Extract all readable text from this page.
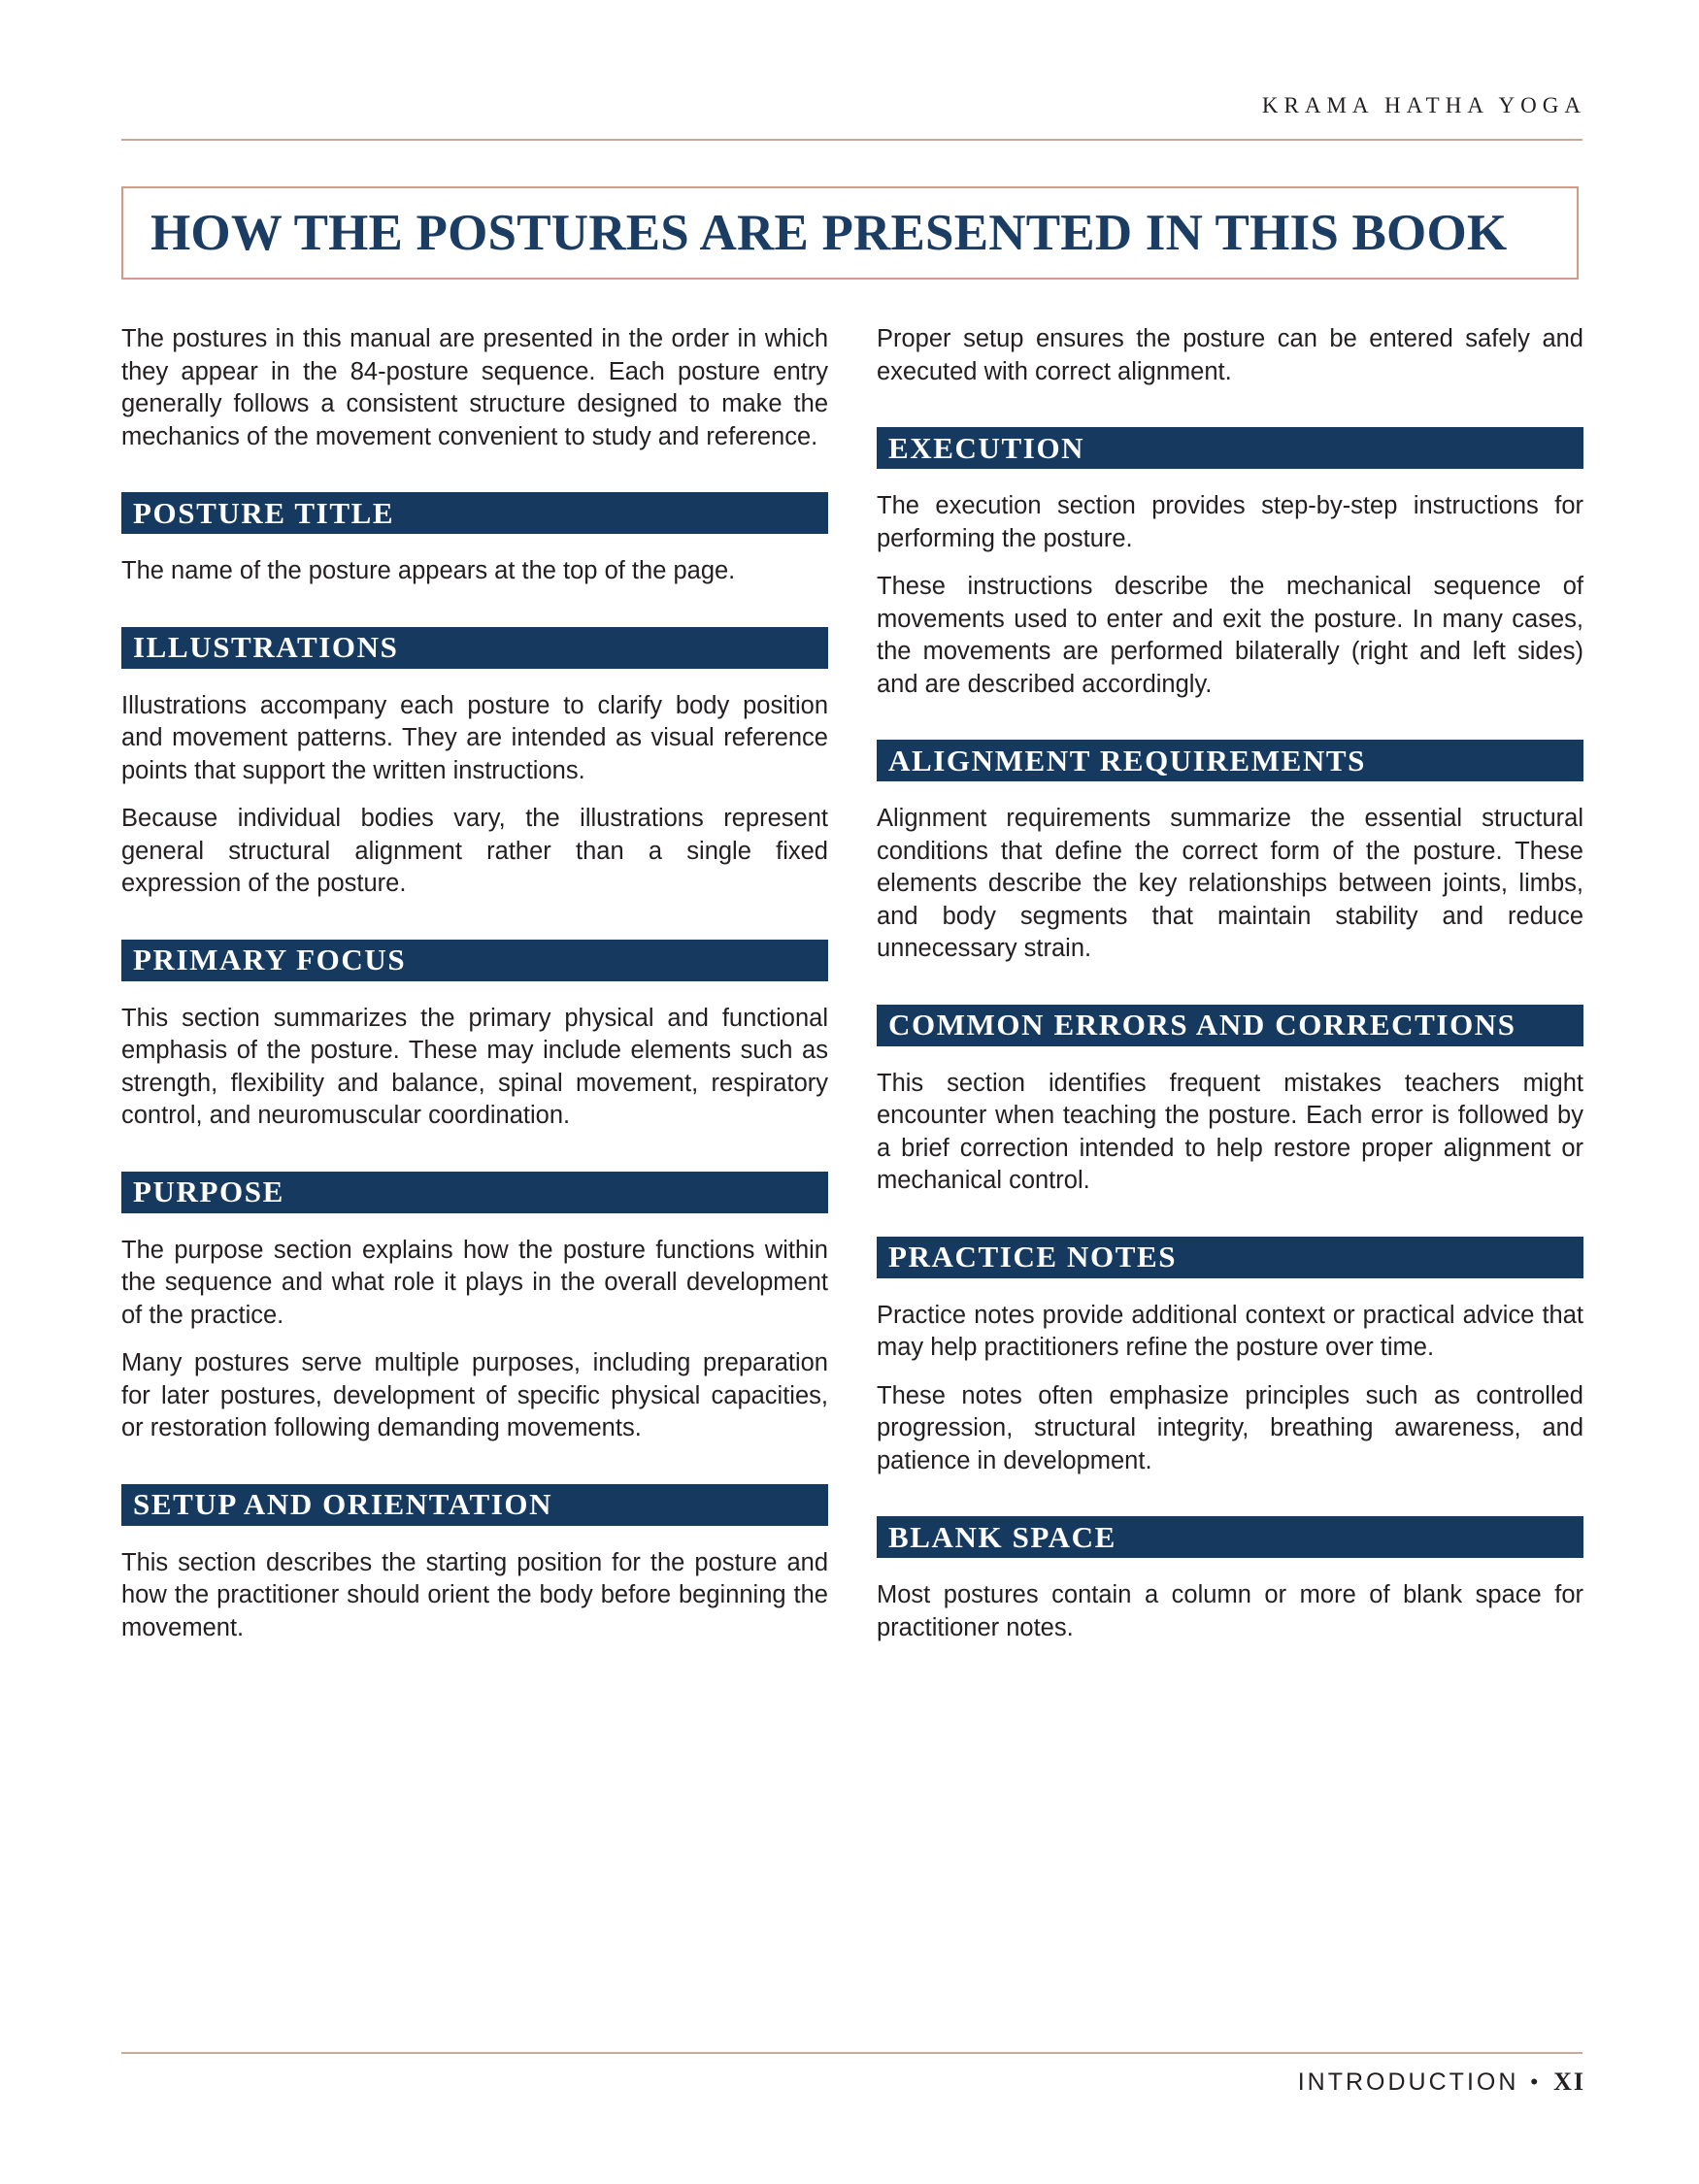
KRAMA HATHA YOGA
HOW THE POSTURES ARE PRESENTED IN THIS BOOK

The postures in this manual are presented in the order in which they appear in the 84-posture sequence. Each posture entry generally follows a consistent structure designed to make the mechanics of the movement convenient to study and reference.

POSTURE TITLE

The name of the posture appears at the top of the page.

ILLUSTRATIONS

Illustrations accompany each posture to clarify body position and movement patterns. They are intended as visual reference points that support the written instructions.

Because individual bodies vary, the illustrations represent general structural alignment rather than a single fixed expression of the posture.

PRIMARY FOCUS

This section summarizes the primary physical and functional emphasis of the posture. These may include elements such as strength, flexibility and balance, spinal movement, respiratory control, and neuromuscular coordination.

PURPOSE

The purpose section explains how the posture functions within the sequence and what role it plays in the overall development of the practice.

Many postures serve multiple purposes, including preparation for later postures, development of specific physical capacities, or restoration following demanding movements.

SETUP AND ORIENTATION

This section describes the starting position for the posture and how the practitioner should orient the body before beginning the movement.

Proper setup ensures the posture can be entered safely and executed with correct alignment.

EXECUTION

The execution section provides step-by-step instructions for performing the posture.

These instructions describe the mechanical sequence of movements used to enter and exit the posture. In many cases, the movements are performed bilaterally (right and left sides) and are described accordingly.

ALIGNMENT REQUIREMENTS

Alignment requirements summarize the essential structural conditions that define the correct form of the posture. These elements describe the key relationships between joints, limbs, and body segments that maintain stability and reduce unnecessary strain.

COMMON ERRORS AND CORRECTIONS

This section identifies frequent mistakes teachers might encounter when teaching the posture. Each error is followed by a brief correction intended to help restore proper alignment or mechanical control.

PRACTICE NOTES

Practice notes provide additional context or practical advice that may help practitioners refine the posture over time.

These notes often emphasize principles such as controlled progression, structural integrity, breathing awareness, and patience in development.

BLANK SPACE

Most postures contain a column or more of blank space for practitioner notes.

INTRODUCTION • XI
